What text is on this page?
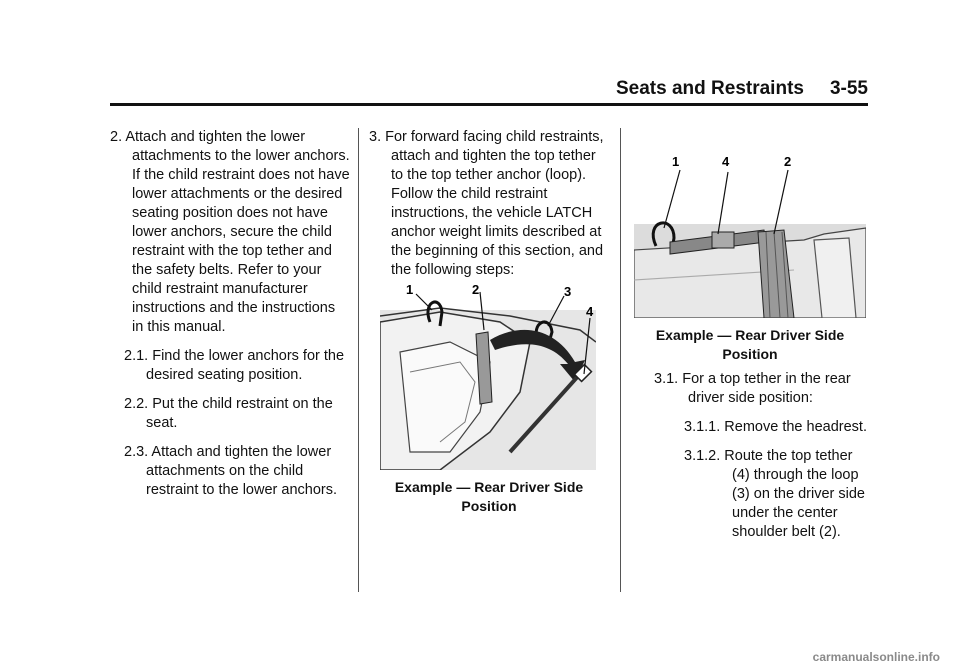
Seats and Restraints 3-55

2. Attach and tighten the lower attachments to the lower anchors. If the child restraint does not have lower attachments or the desired seating position does not have lower anchors, secure the child restraint with the top tether and the safety belts. Refer to your child restraint manufacturer instructions and the instructions in this manual.

2.1. Find the lower anchors for the desired seating position.

2.2. Put the child restraint on the seat.

2.3. Attach and tighten the lower attachments on the child restraint to the lower anchors.

3. For forward facing child restraints, attach and tighten the top tether to the top tether anchor (loop). Follow the child restraint instructions, the vehicle LATCH anchor weight limits described at the beginning of this section, and the following steps:

1	2	3
4
Example — Rear Driver Side Position
1	4	2
Example — Rear Driver Side Position

3.1. For a top tether in the rear driver side position:

3.1.1. Remove the headrest.

3.1.2. Route the top tether (4) through the loop (3) on the driver side under the center shoulder belt (2).

carmanualsonline.info
